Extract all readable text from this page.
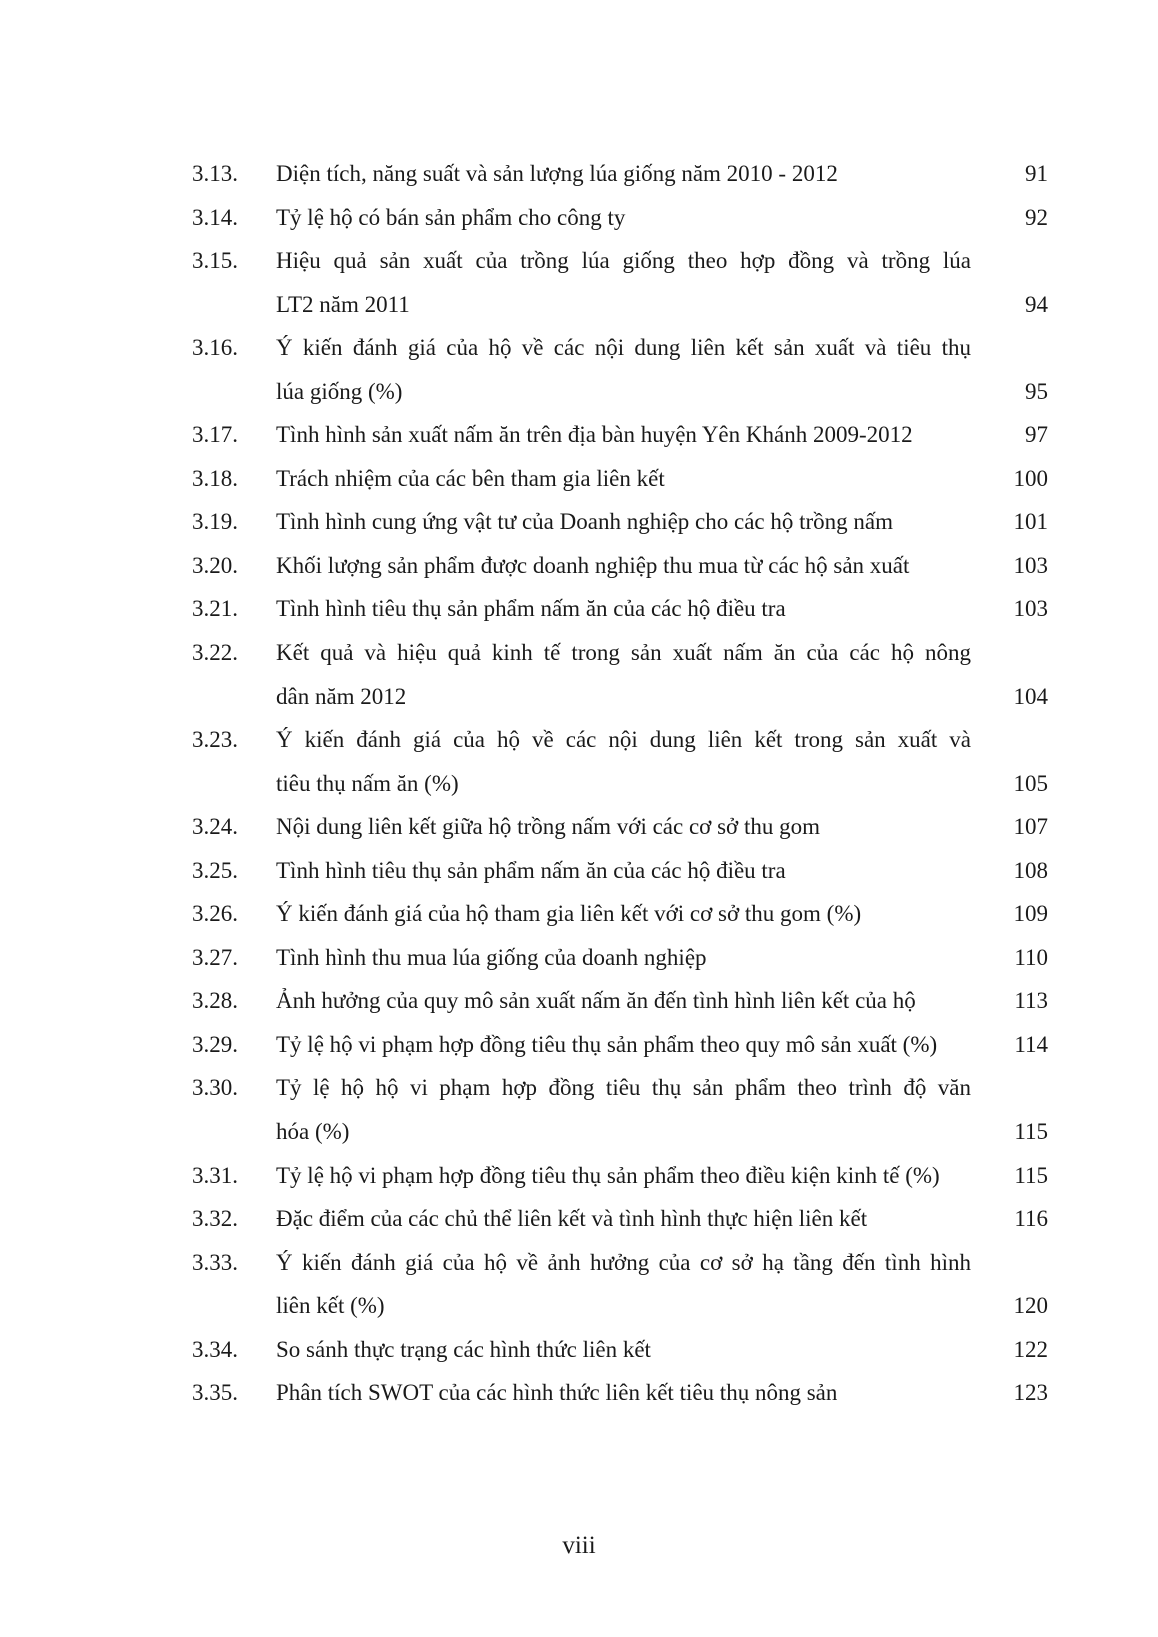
3.13. Diện tích, năng suất và sản lượng lúa giống năm 2010 - 2012	91
3.14. Tỷ lệ hộ có bán sản phẩm cho công ty	92
3.15. Hiệu quả sản xuất của trồng lúa giống theo hợp đồng và trồng lúa
LT2 năm 2011	94
3.16. Ý kiến đánh giá của hộ về các nội dung liên kết sản xuất và tiêu thụ
lúa giống (%)	95
3.17. Tình hình sản xuất nấm ăn trên địa bàn huyện Yên Khánh 2009-2012	97
3.18. Trách nhiệm của các bên tham gia liên kết	100
3.19. Tình hình cung ứng vật tư của Doanh nghiệp cho các hộ trồng nấm	101
3.20. Khối lượng sản phẩm được doanh nghiệp thu mua từ các hộ sản xuất	103
3.21. Tình hình tiêu thụ sản phẩm nấm ăn của các hộ điều tra	103
3.22. Kết quả và hiệu quả kinh tế trong sản xuất nấm ăn của các hộ nông
dân năm 2012	104
3.23. Ý kiến đánh giá của hộ về các nội dung liên kết trong sản xuất và
tiêu thụ nấm ăn (%)	105
3.24. Nội dung liên kết giữa hộ trồng nấm với các cơ sở thu gom	107
3.25. Tình hình tiêu thụ sản phẩm nấm ăn của các hộ điều tra	108
3.26. Ý kiến đánh giá của hộ tham gia liên kết với cơ sở thu gom (%)	109
3.27. Tình hình thu mua lúa giống của doanh nghiệp	110
3.28. Ảnh hưởng của quy mô sản xuất nấm ăn đến tình hình liên kết của hộ	113
3.29. Tỷ lệ hộ vi phạm hợp đồng tiêu thụ sản phẩm theo quy mô sản xuất (%)	114
3.30. Tỷ lệ hộ hộ vi phạm hợp đồng tiêu thụ sản phẩm theo trình độ văn
hóa (%)	115
3.31. Tỷ lệ hộ vi phạm hợp đồng tiêu thụ sản phẩm theo điều kiện kinh tế (%)	115
3.32. Đặc điểm của các chủ thể liên kết và tình hình thực hiện liên kết	116
3.33. Ý kiến đánh giá của hộ về ảnh hưởng của cơ sở hạ tầng đến tình hình
liên kết (%)	120
3.34. So sánh thực trạng các hình thức liên kết	122
3.35. Phân tích SWOT của các hình thức liên kết tiêu thụ nông sản	123
viii
